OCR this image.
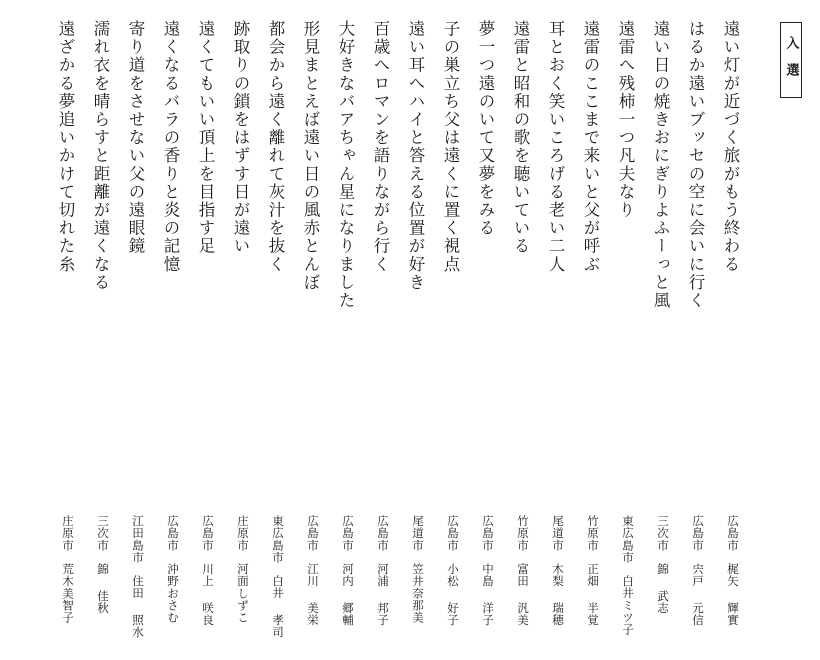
入選
遠い灯が近づく旅がもう終わる
広島市
梶矢 輝實
はるか遠いブッセの空に会いに行く
広島市
宍戸 元信
遠い日の焼きおにぎりよふーっと風
三次市
錦 武志
遠雷へ残柿一つ凡夫なり
東広島市
白井ミツ子
遠雷のここまで来いと父が呼ぶ
竹原市
正畑 半覚
耳とおく笑いころげる老い二人
尾道市
木梨 瑞穂
遠雷と昭和の歌を聴いている
竹原市
富田 汎美
夢一つ遠のいて又夢をみる
広島市
中島 洋子
子の巣立ち父は遠くに置く視点
広島市
小松 好子
遠い耳へハイと答える位置が好き
尾道市
笠井奈那美
百歳へロマンを語りながら行く
広島市
河浦 邦子
大好きなバアちゃん星になりました
広島市
河内 郷輔
形見まとえば遠い日の風赤とんぼ
広島市
江川 美栄
都会から遠く離れて灰汁を抜く
東広島市
白井 孝司
跡取りの鎖をはずす日が遠い
庄原市
河面しずこ
遠くてもいい頂上を目指す足
広島市
川上 咲良
遠くなるバラの香りと炎の記憶
広島市
沖野おさむ
寄り道をさせない父の遠眼鏡
江田島市
住田 照水
濡れ衣を晴らすと距離が遠くなる
三次市
錦 佳秋
遠ざかる夢追いかけて切れた糸
庄原市
荒木美智子
